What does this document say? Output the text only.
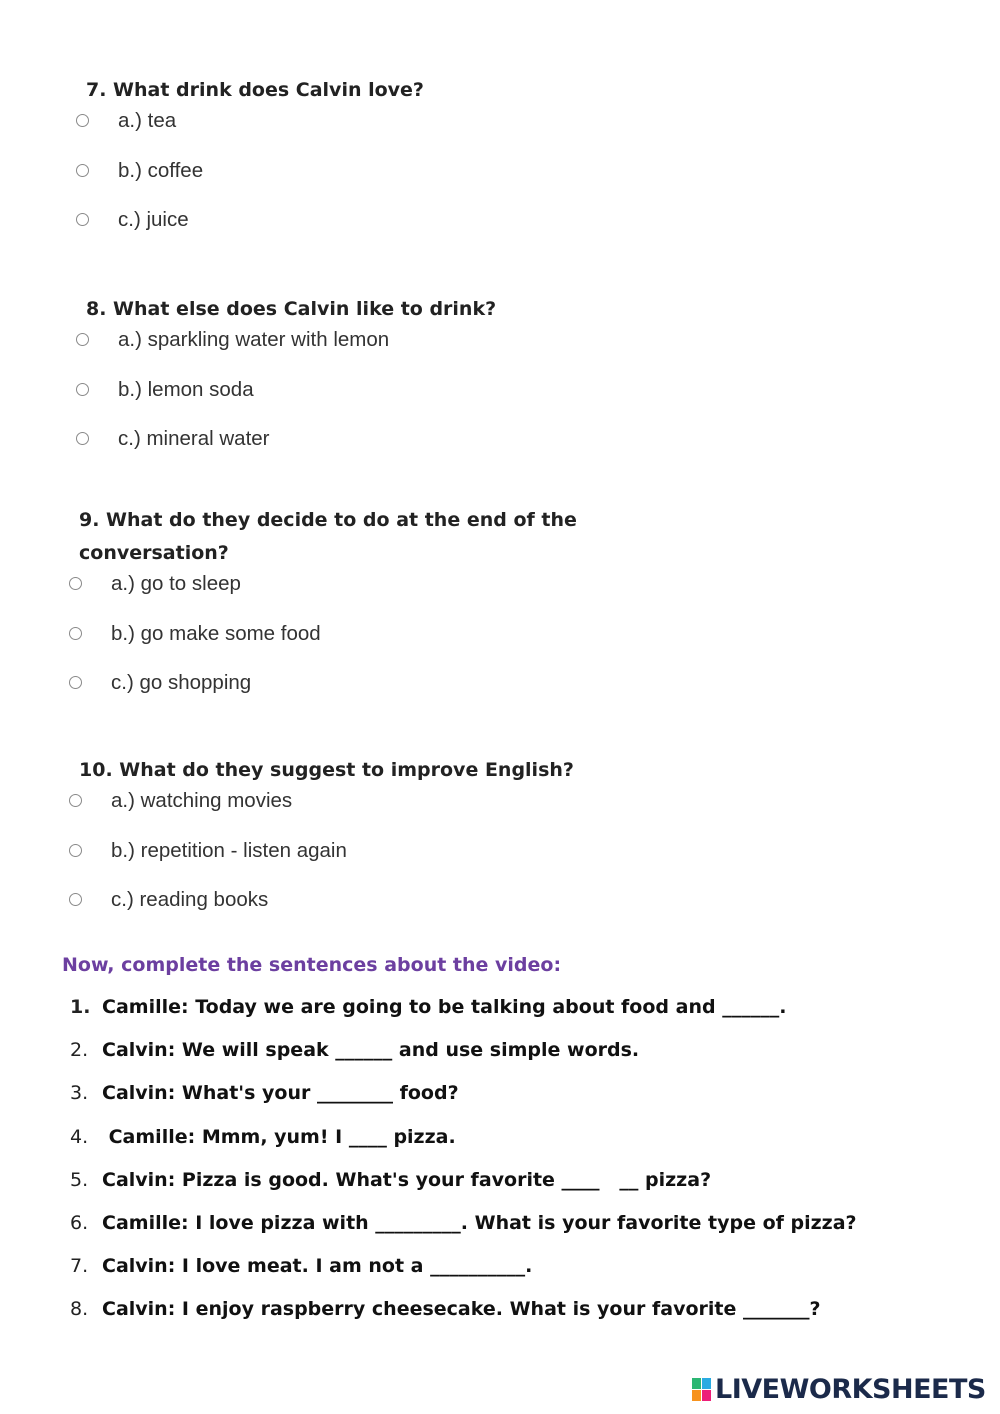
7. What drink does Calvin love?
a.) tea
b.) coffee
c.) juice
8. What else does Calvin like to drink?
a.) sparkling water with lemon
b.) lemon soda
c.) mineral water
9. What do they decide to do at the end of the conversation?
a.) go to sleep
b.) go make some food
c.) go shopping
10. What do they suggest to improve English?
a.) watching movies
b.) repetition - listen again
c.) reading books
Now, complete the sentences about the video:
1. Camille: Today we are going to be talking about food and ______.
2. Calvin: We will speak ______ and use simple words.
3. Calvin: What's your ________ food?
4. Camille: Mmm, yum! I ____ pizza.
5. Calvin: Pizza is good. What's your favorite ____   __ pizza?
6. Camille: I love pizza with _________. What is your favorite type of pizza?
7. Calvin: I love meat. I am not a __________.
8. Calvin: I enjoy raspberry cheesecake. What is your favorite _______?
LIVEWORKSHEETS
